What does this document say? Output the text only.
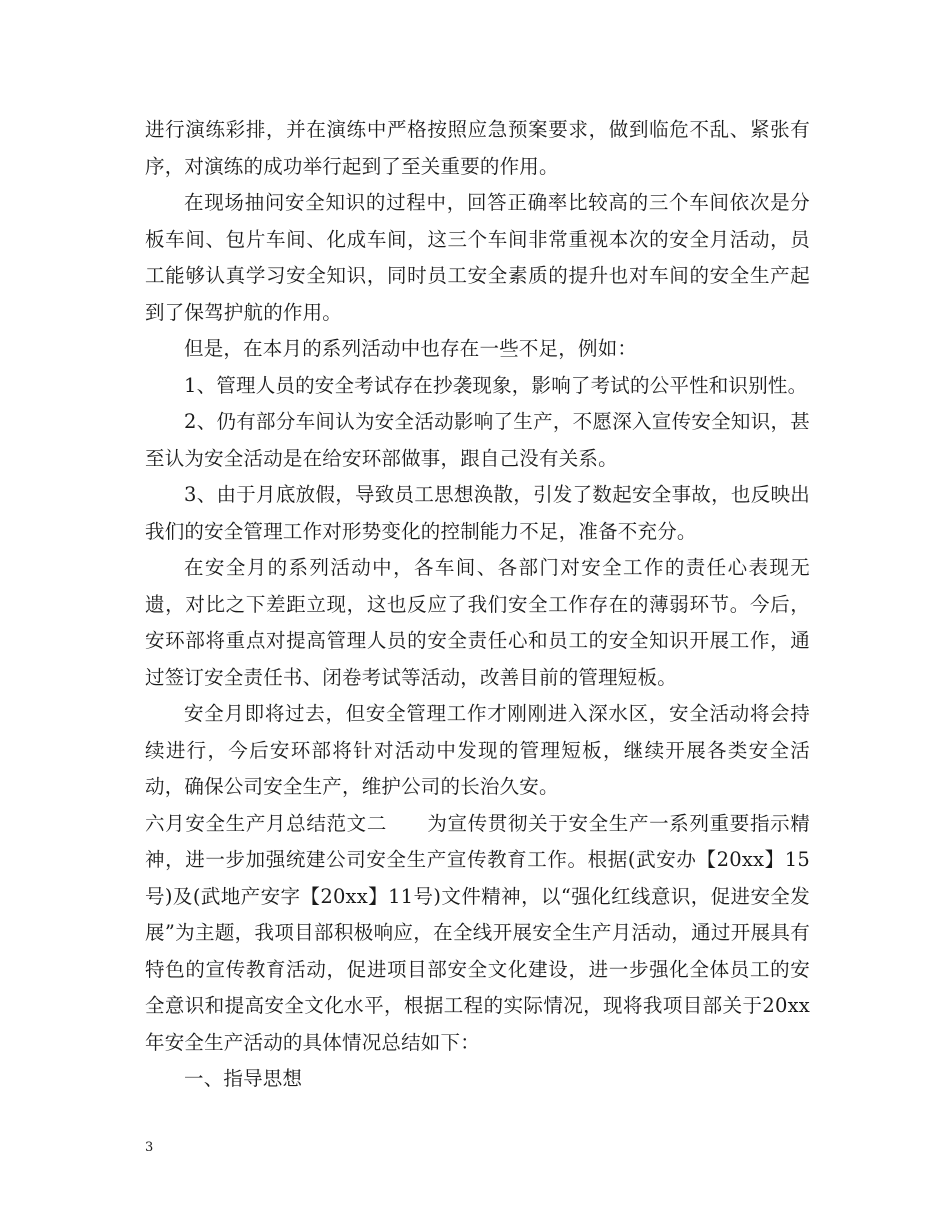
进行演练彩排，并在演练中严格按照应急预案要求，做到临危不乱、紧张有序，对演练的成功举行起到了至关重要的作用。

在现场抽问安全知识的过程中，回答正确率比较高的三个车间依次是分板车间、包片车间、化成车间，这三个车间非常重视本次的安全月活动，员工能够认真学习安全知识，同时员工安全素质的提升也对车间的安全生产起到了保驾护航的作用。

但是，在本月的系列活动中也存在一些不足，例如：

1、管理人员的安全考试存在抄袭现象，影响了考试的公平性和识别性。

2、仍有部分车间认为安全活动影响了生产，不愿深入宣传安全知识，甚至认为安全活动是在给安环部做事，跟自己没有关系。

3、由于月底放假，导致员工思想涣散，引发了数起安全事故，也反映出我们的安全管理工作对形势变化的控制能力不足，准备不充分。

在安全月的系列活动中，各车间、各部门对安全工作的责任心表现无遗，对比之下差距立现，这也反应了我们安全工作存在的薄弱环节。今后，安环部将重点对提高管理人员的安全责任心和员工的安全知识开展工作，通过签订安全责任书、闭卷考试等活动，改善目前的管理短板。

安全月即将过去，但安全管理工作才刚刚进入深水区，安全活动将会持续进行，今后安环部将针对活动中发现的管理短板，继续开展各类安全活动，确保公司安全生产，维护公司的长治久安。

六月安全生产月总结范文二　　为宣传贯彻关于安全生产一系列重要指示精神，进一步加强统建公司安全生产宣传教育工作。根据(武安办【20xx】15号)及(武地产安字【20xx】11号)文件精神，以“强化红线意识，促进安全发展”为主题，我项目部积极响应，在全线开展安全生产月活动，通过开展具有特色的宣传教育活动，促进项目部安全文化建设，进一步强化全体员工的安全意识和提高安全文化水平，根据工程的实际情况，现将我项目部关于20xx年安全生产活动的具体情况总结如下：

一、指导思想

3
